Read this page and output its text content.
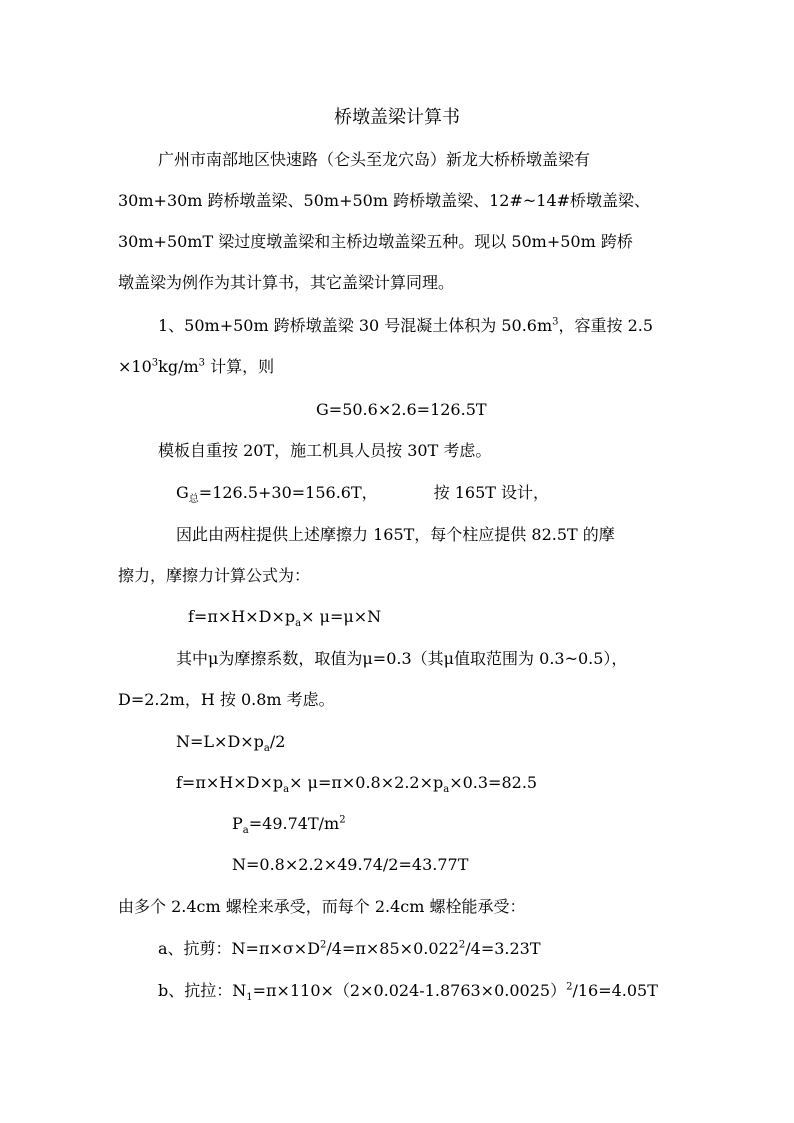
桥墩盖梁计算书
广州市南部地区快速路（仑头至龙穴岛）新龙大桥桥墩盖梁有
30m+30m 跨桥墩盖梁、50m+50m 跨桥墩盖梁、12#~14#桥墩盖梁、
30m+50mT 梁过度墩盖梁和主桥边墩盖梁五种。现以 50m+50m 跨桥
墩盖梁为例作为其计算书，其它盖梁计算同理。
1、50m+50m 跨桥墩盖梁 30 号混凝土体积为 $50.6m^3$，容重按 2.5
$\times 10^3kg/m^3$ 计算，则
G=50.6×2.6=126.5T
模板自重按 20T，施工机具人员按 30T 考虑。
$G_总=126.5+30=156.6T$，	按 165T 设计，
因此由两柱提供上述摩擦力 165T，每个柱应提供 82.5T 的摩
擦力，摩擦力计算公式为：
$f=\pi\times H\times D\times p_a\times \mu=\mu\times N$
其中μ为摩擦系数，取值为μ=0.3（其μ值取范围为 0.3~0.5），
D=2.2m，H 按 0.8m 考虑。
$N=L\times D\times p_a/2$
$f=\pi\times H\times D\times p_a\times \mu=\pi\times 0.8\times 2.2\times p_a\times 0.3=82.5$
$P_a=49.74T/m^2$
N=0.8×2.2×49.74/2=43.77T
由多个 2.4cm 螺栓来承受，而每个 2.4cm 螺栓能承受：
a、抗剪：$N=\pi\times\sigma\times D^2/4=\pi\times 85\times 0.022^2/4=3.23T$
b、抗拉：$N_1=\pi\times 110\times(2\times 0.024-1.8763\times 0.0025)^2/16=4.05T$
